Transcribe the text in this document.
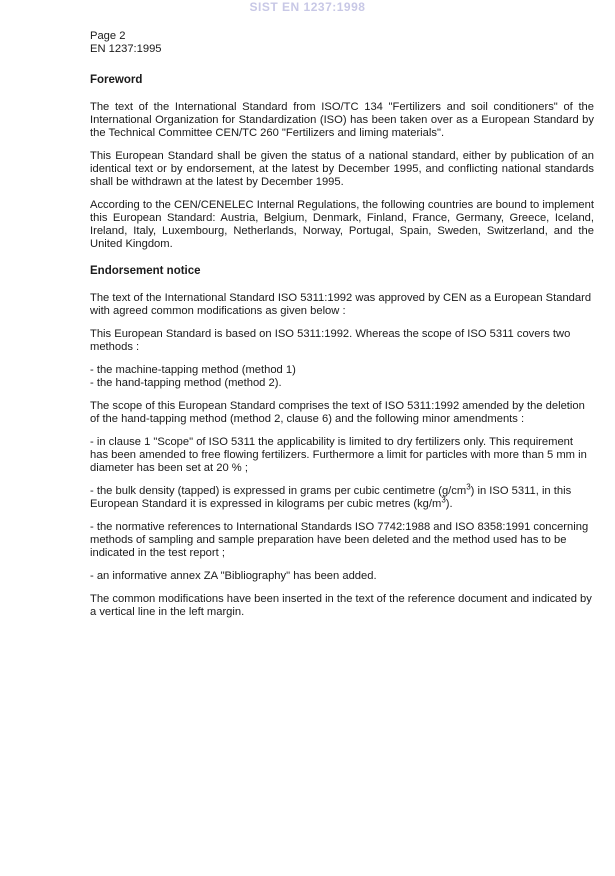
SIST EN 1237:1998
Page 2
EN 1237:1995
Foreword

The text of the International Standard from ISO/TC 134 "Fertilizers and soil conditioners" of the International Organization for Standardization (ISO) has been taken over as a European Standard by the Technical Committee CEN/TC 260 "Fertilizers and liming materials".

This European Standard shall be given the status of a national standard, either by publication of an identical text or by endorsement, at the latest by December 1995, and conflicting national standards shall be withdrawn at the latest by December 1995.

According to the CEN/CENELEC Internal Regulations, the following countries are bound to implement this European Standard: Austria, Belgium, Denmark, Finland, France, Germany, Greece, Iceland, Ireland, Italy, Luxembourg, Netherlands, Norway, Portugal, Spain, Sweden, Switzerland, and the United Kingdom.

Endorsement notice

The text of the International Standard ISO 5311:1992 was approved by CEN as a European Standard with agreed common modifications as given below :

This European Standard is based on ISO 5311:1992. Whereas the scope of ISO 5311 covers two methods :

- the machine-tapping method (method 1)

- the hand-tapping method (method 2).

The scope of this European Standard comprises the text of ISO 5311:1992 amended by the deletion of the hand-tapping method (method 2, clause 6) and the following minor amendments :

- in clause 1 "Scope" of ISO 5311 the applicability is limited to dry fertilizers only. This requirement has been amended to free flowing fertilizers. Furthermore a limit for particles with more than 5 mm in diameter has been set at 20 % ;

- the bulk density (tapped) is expressed in grams per cubic centimetre $(g/cm^3)$ in ISO 5311, in this European Standard it is expressed in kilograms per cubic metres $(kg/m^3)$.

- the normative references to International Standards ISO 7742:1988 and ISO 8358:1991 concerning methods of sampling and sample preparation have been deleted and the method used has to be indicated in the test report ;

- an informative annex ZA "Bibliography" has been added.

The common modifications have been inserted in the text of the reference document and indicated by a vertical line in the left margin.
